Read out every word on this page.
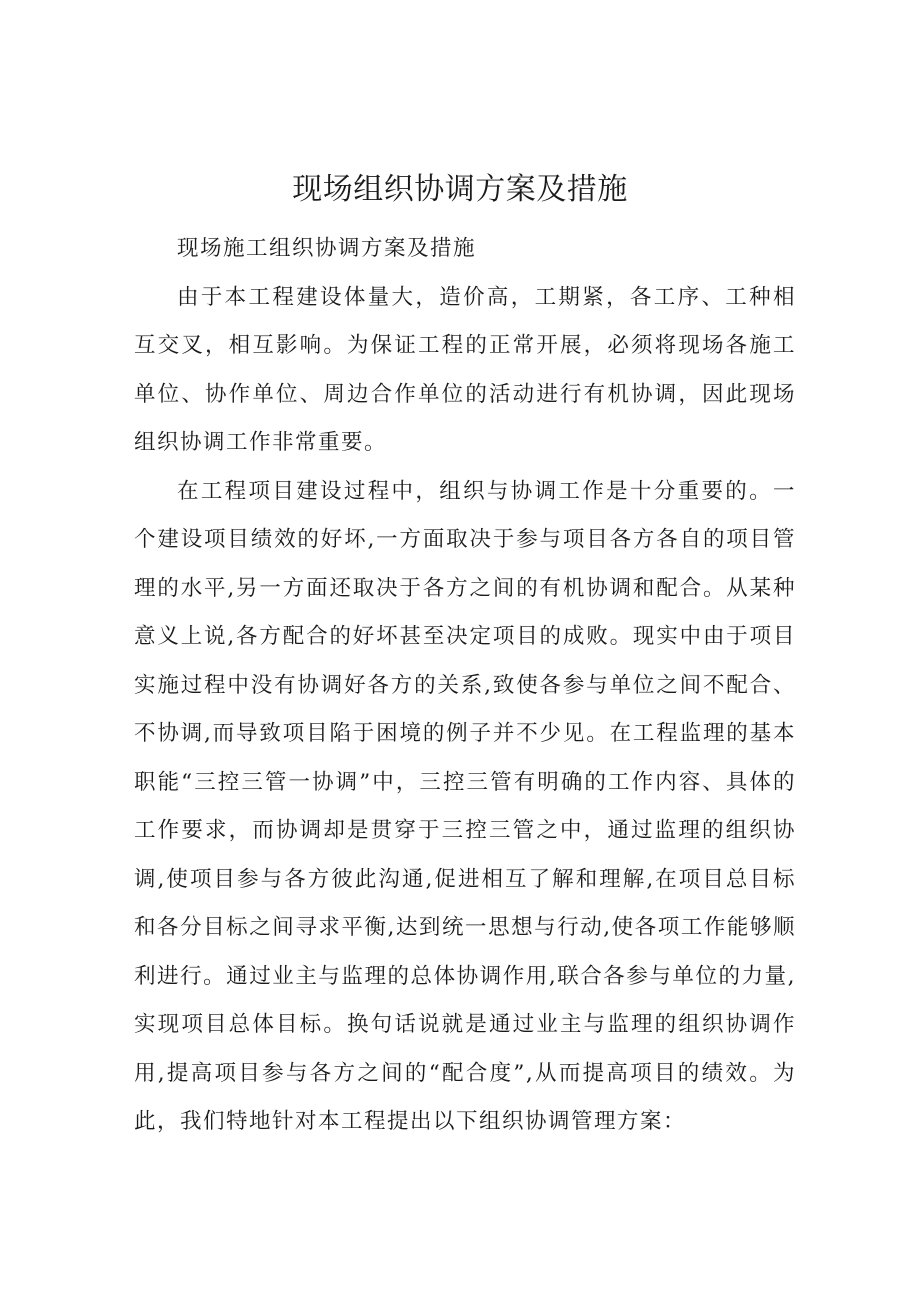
现场组织协调方案及措施

现场施工组织协调方案及措施

由于本工程建设体量大，造价高，工期紧，各工序、工种相互交叉，相互影响。为保证工程的正常开展，必须将现场各施工单位、协作单位、周边合作单位的活动进行有机协调，因此现场组织协调工作非常重要。

在工程项目建设过程中，组织与协调工作是十分重要的。一个建设项目绩效的好坏,一方面取决于参与项目各方各自的项目管理的水平,另一方面还取决于各方之间的有机协调和配合。从某种意义上说,各方配合的好坏甚至决定项目的成败。现实中由于项目实施过程中没有协调好各方的关系,致使各参与单位之间不配合、不协调,而导致项目陷于困境的例子并不少见。在工程监理的基本职能“三控三管一协调”中，三控三管有明确的工作内容、具体的工作要求，而协调却是贯穿于三控三管之中，通过监理的组织协调,使项目参与各方彼此沟通,促进相互了解和理解,在项目总目标和各分目标之间寻求平衡,达到统一思想与行动,使各项工作能够顺利进行。通过业主与监理的总体协调作用,联合各参与单位的力量,实现项目总体目标。换句话说就是通过业主与监理的组织协调作用,提高项目参与各方之间的“配合度”,从而提高项目的绩效。为此，我们特地针对本工程提出以下组织协调管理方案：
